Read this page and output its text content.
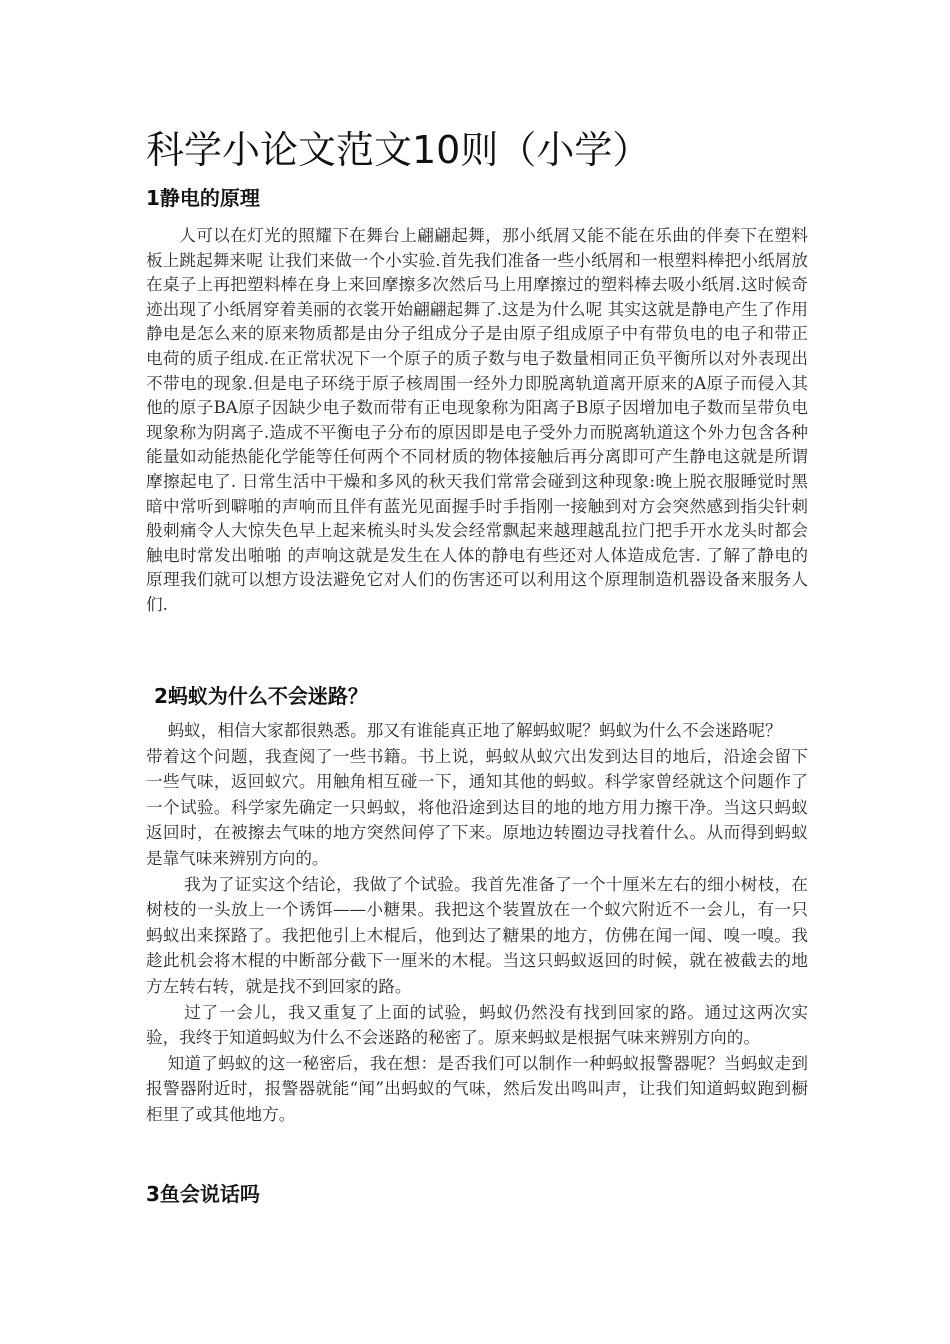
科学小论文范文10则（小学）
1静电的原理

人可以在灯光的照耀下在舞台上翩翩起舞，那小纸屑又能不能在乐曲的伴奏下在塑料板上跳起舞来呢 让我们来做一个小实验.首先我们准备一些小纸屑和一根塑料棒把小纸屑放在桌子上再把塑料棒在身上来回摩擦多次然后马上用摩擦过的塑料棒去吸小纸屑.这时候奇迹出现了小纸屑穿着美丽的衣裳开始翩翩起舞了.这是为什么呢 其实这就是静电产生了作用静电是怎么来的原来物质都是由分子组成分子是由原子组成原子中有带负电的电子和带正电荷的质子组成.在正常状况下一个原子的质子数与电子数量相同正负平衡所以对外表现出不带电的现象.但是电子环绕于原子核周围一经外力即脱离轨道离开原来的A原子而侵入其他的原子BA原子因缺少电子数而带有正电现象称为阳离子B原子因增加电子数而呈带负电现象称为阴离子.造成不平衡电子分布的原因即是电子受外力而脱离轨道这个外力包含各种能量如动能热能化学能等任何两个不同材质的物体接触后再分离即可产生静电这就是所谓摩擦起电了. 日常生活中干燥和多风的秋天我们常常会碰到这种现象:晚上脱衣服睡觉时黑暗中常听到噼啪的声响而且伴有蓝光见面握手时手指刚一接触到对方会突然感到指尖针刺般刺痛令人大惊失色早上起来梳头时头发会经常飘起来越理越乱拉门把手开水龙头时都会触电时常发出啪啪 的声响这就是发生在人体的静电有些还对人体造成危害. 了解了静电的原理我们就可以想方设法避免它对人们的伤害还可以利用这个原理制造机器设备来服务人们.

2蚂蚁为什么不会迷路？

蚂蚁，相信大家都很熟悉。那又有谁能真正地了解蚂蚁呢？蚂蚁为什么不会迷路呢？

带着这个问题，我查阅了一些书籍。书上说，蚂蚁从蚁穴出发到达目的地后，沿途会留下一些气味，返回蚁穴。用触角相互碰一下，通知其他的蚂蚁。科学家曾经就这个问题作了一个试验。科学家先确定一只蚂蚁，将他沿途到达目的地的地方用力擦干净。当这只蚂蚁返回时，在被擦去气味的地方突然间停了下来。原地边转圈边寻找着什么。从而得到蚂蚁是靠气味来辨别方向的。

我为了证实这个结论，我做了个试验。我首先准备了一个十厘米左右的细小树枝，在树枝的一头放上一个诱饵——小糖果。我把这个装置放在一个蚁穴附近不一会儿，有一只蚂蚁出来探路了。我把他引上木棍后，他到达了糖果的地方，仿佛在闻一闻、嗅一嗅。我趁此机会将木棍的中断部分截下一厘米的木棍。当这只蚂蚁返回的时候，就在被截去的地方左转右转，就是找不到回家的路。

过了一会儿，我又重复了上面的试验，蚂蚁仍然没有找到回家的路。通过这两次实验，我终于知道蚂蚁为什么不会迷路的秘密了。原来蚂蚁是根据气味来辨别方向的。

知道了蚂蚁的这一秘密后，我在想：是否我们可以制作一种蚂蚁报警器呢？当蚂蚁走到报警器附近时，报警器就能“闻”出蚂蚁的气味，然后发出鸣叫声，让我们知道蚂蚁跑到橱柜里了或其他地方。

3鱼会说话吗
